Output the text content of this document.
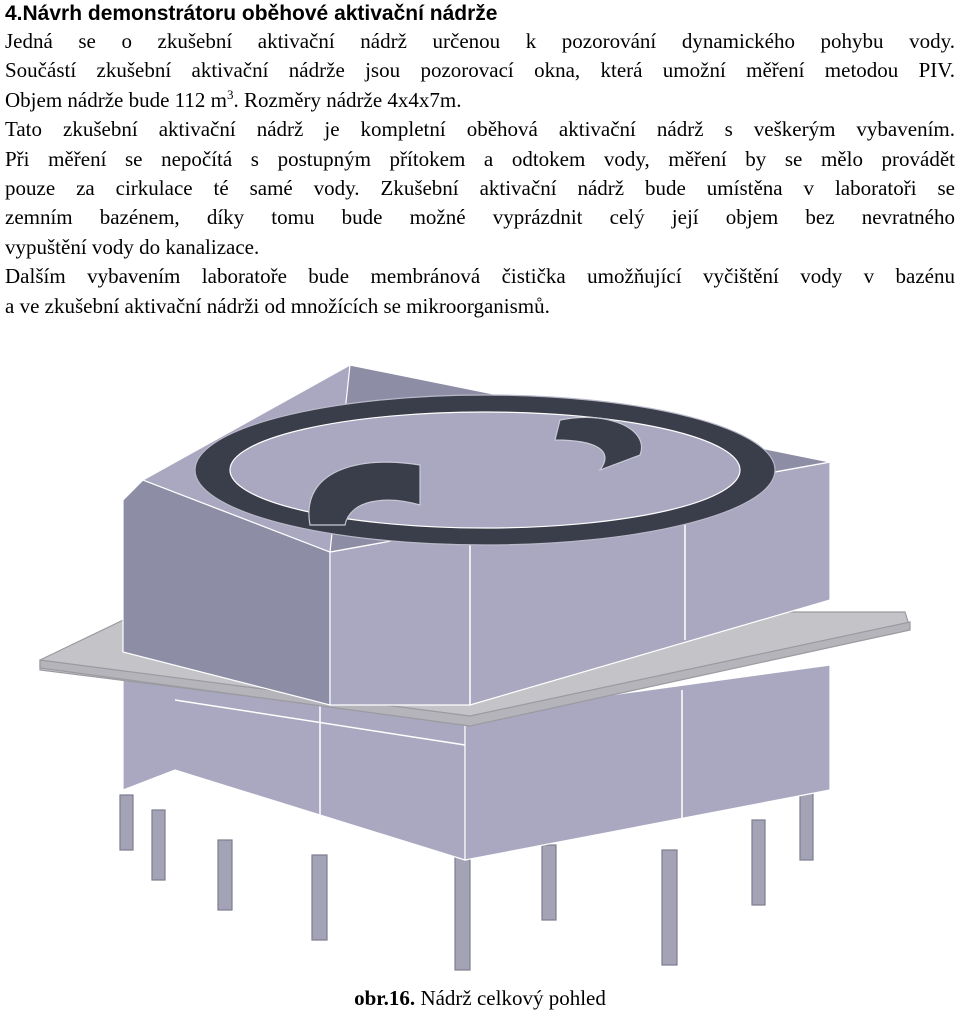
4.Návrh demonstrátoru oběhové aktivační nádrže
Jedná se o zkušební aktivační nádrž určenou k pozorování dynamického pohybu vody.
Součástí zkušební aktivační nádrže jsou pozorovací okna, která umožní měření metodou PIV.
Objem nádrže bude 112 $m^3$. Rozměry nádrže 4x4x7m.
Tato zkušební aktivační nádrž je kompletní oběhová aktivační nádrž s veškerým vybavením.
Při měření se nepočítá s postupným přítokem a odtokem vody, měření by se mělo provádět
pouze za cirkulace té samé vody. Zkušební aktivační nádrž bude umístěna v laboratoři se
zemním bazénem, díky tomu bude možné vyprázdnit celý její objem bez nevratného
vypuštění vody do kanalizace.
Dalším vybavením laboratoře bude membránová čistička umožňující vyčištění vody v bazénu
a ve zkušební aktivační nádrži od množících se mikroorganismů.
obr.16. Nádrž celkový pohled
